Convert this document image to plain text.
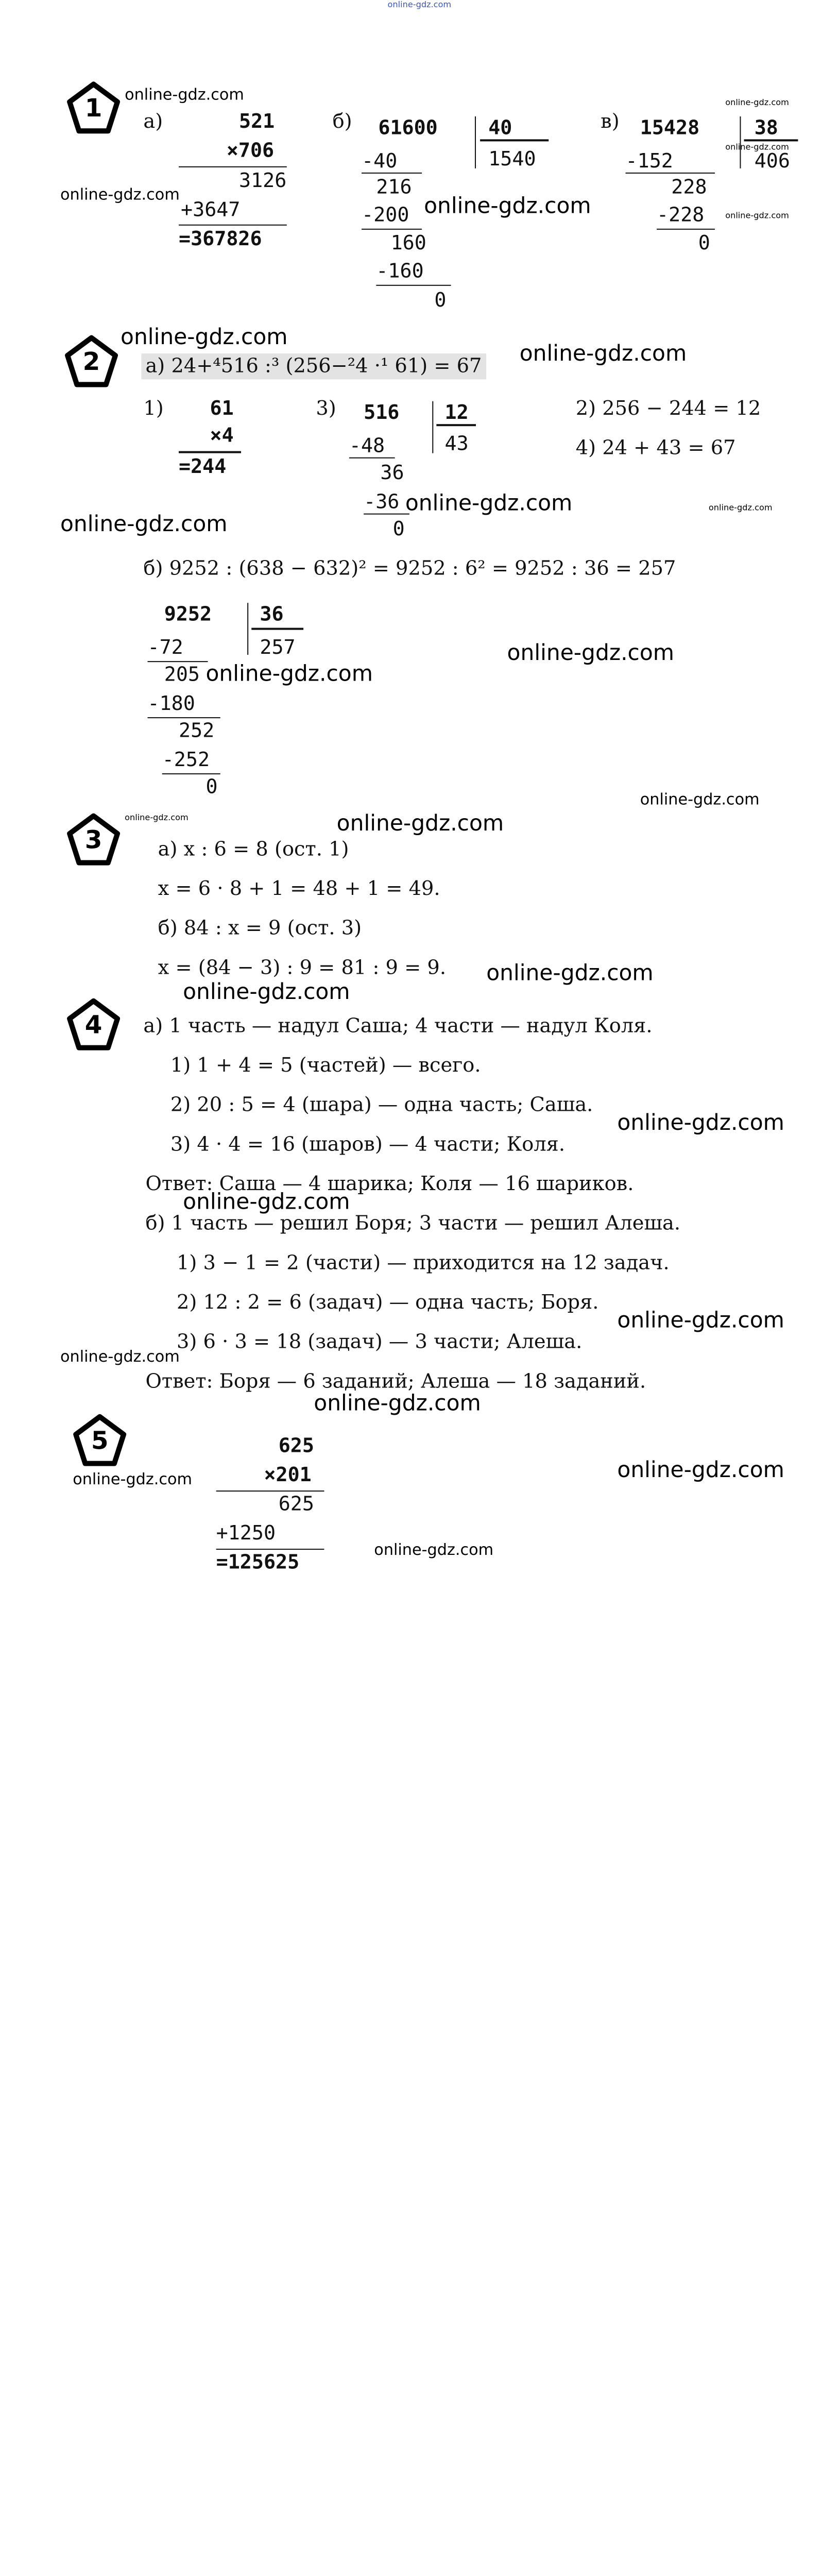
online-gdz.com
1	online-gdz.com
а)	521
×706
3126
+3647
=367826
online-gdz.com
б)	61600	40
1540
-40
216
-200
160
-160
0
online-gdz.com
в) 15428	38
406
-152
228
-228
0
online-gdz.com
online-gdz.com
online-gdz.com
2
online-gdz.com
а) 24+⁴516 :³ (256−²4 ·¹ 61) = 67	online-gdz.com
1)	61
×4
=244
3)	516	12
43
-48
36
-36
0
online-gdz.com
2) 256 − 244 = 12
4) 24 + 43 = 67
online-gdz.com
online-gdz.com
б) 9252 : (638 − 632)² = 9252 : 6² = 9252 : 36 = 257
9252	36
257
-72
205
-180
252
-252
0
online-gdz.com
online-gdz.com
online-gdz.com
3
online-gdz.com	online-gdz.com
а) x : 6 = 8 (ост. 1)
x = 6 · 8 + 1 = 48 + 1 = 49.
б) 84 : x = 9 (ост. 3)
x = (84 − 3) : 9 = 81 : 9 = 9.	online-gdz.com
online-gdz.com
4	а) 1 часть — надул Саша; 4 части — надул Коля.
1) 1 + 4 = 5 (частей) — всего.
2) 20 : 5 = 4 (шара) — одна часть; Саша.
3) 4 · 4 = 16 (шаров) — 4 части; Коля.
Ответ: Саша — 4 шарика; Коля — 16 шариков.
online-gdz.com
online-gdz.com
б) 1 часть — решил Боря; 3 части — решил Алеша.
1) 3 − 1 = 2 (части) — приходится на 12 задач.
2) 12 : 2 = 6 (задач) — одна часть; Боря.
3) 6 · 3 = 18 (задач) — 3 части; Алеша.
Ответ: Боря — 6 заданий; Алеша — 18 заданий.
online-gdz.com
online-gdz.com
online-gdz.com
5
online-gdz.com
625
×201
625
+1250
=125625
online-gdz.com
online-gdz.com
